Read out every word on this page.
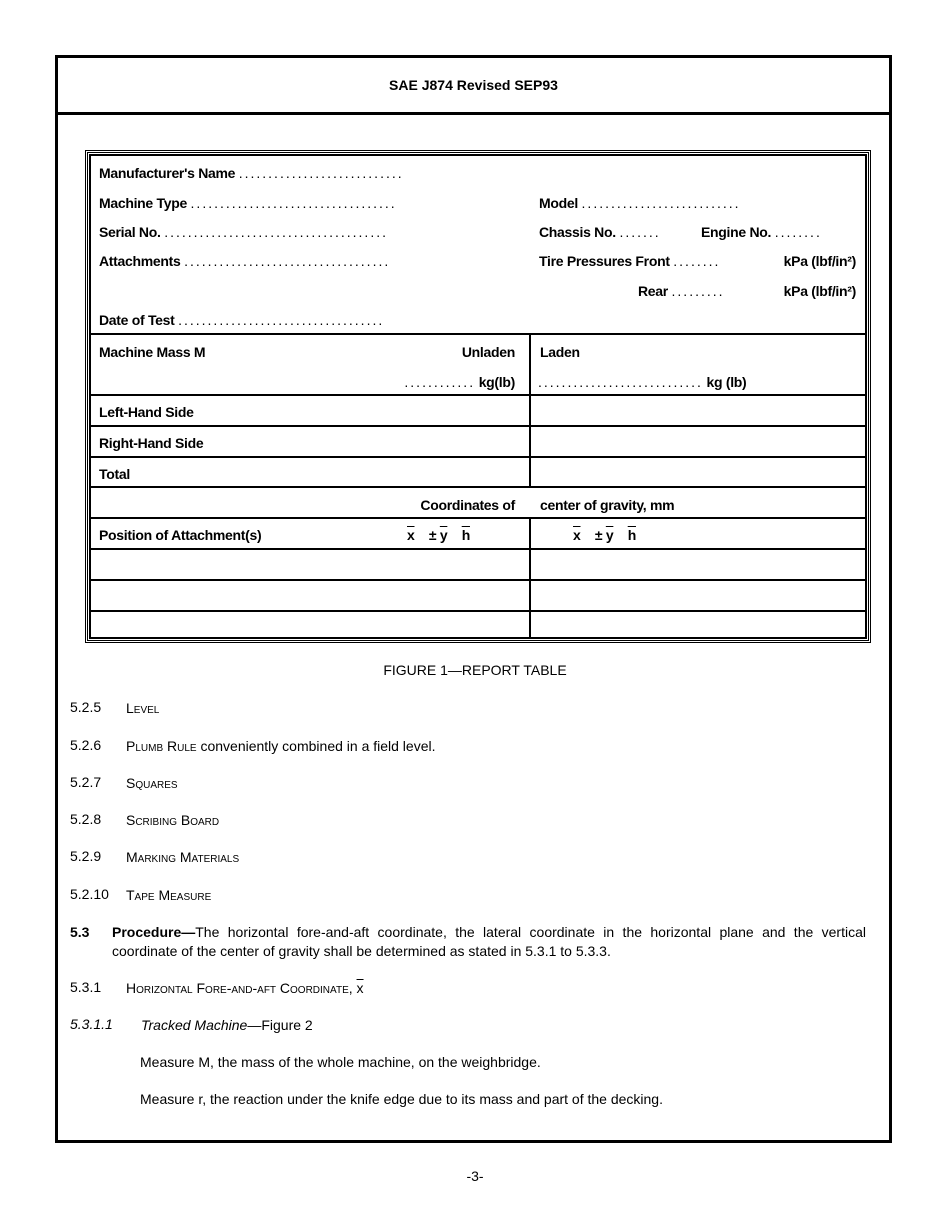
SAE J874 Revised SEP93
Manufacturer's Name ............................
Machine Type ...................................	Model ...........................
Serial No. ......................................	Chassis No. .......	Engine No. ........
Attachments ...................................	Tire Pressures Front ........	kPa (lbf/in²)
Rear .........	kPa (lbf/in²)
Date of Test ...................................
Machine Mass M	Unladen Laden
............ kg(lb) ............................ kg (lb)
Left-Hand Side
Right-Hand Side
Total
Coordinates of center of gravity, mm
Position of Attachment(s)	$\overline{x} \pm \overline{y}$ $\overline{h}$	$\overline{x} \pm \overline{y}$ $\overline{h}$
FIGURE 1—REPORT TABLE
5.2.5 Level
5.2.6 Plumb Rule conveniently combined in a field level.
5.2.7 Squares
5.2.8 Scribing Board
5.2.9 Marking Materials
5.2.10 Tape Measure
5.3 Procedure—The horizontal fore-and-aft coordinate, the lateral coordinate in the horizontal plane and the vertical coordinate of the center of gravity shall be determined as stated in 5.3.1 to 5.3.3.
5.3.1 Horizontal Fore-and-aft Coordinate, $\overline{x}$
5.3.1.1 Tracked Machine—Figure 2
Measure M, the mass of the whole machine, on the weighbridge.
Measure r, the reaction under the knife edge due to its mass and part of the decking.
-3-
